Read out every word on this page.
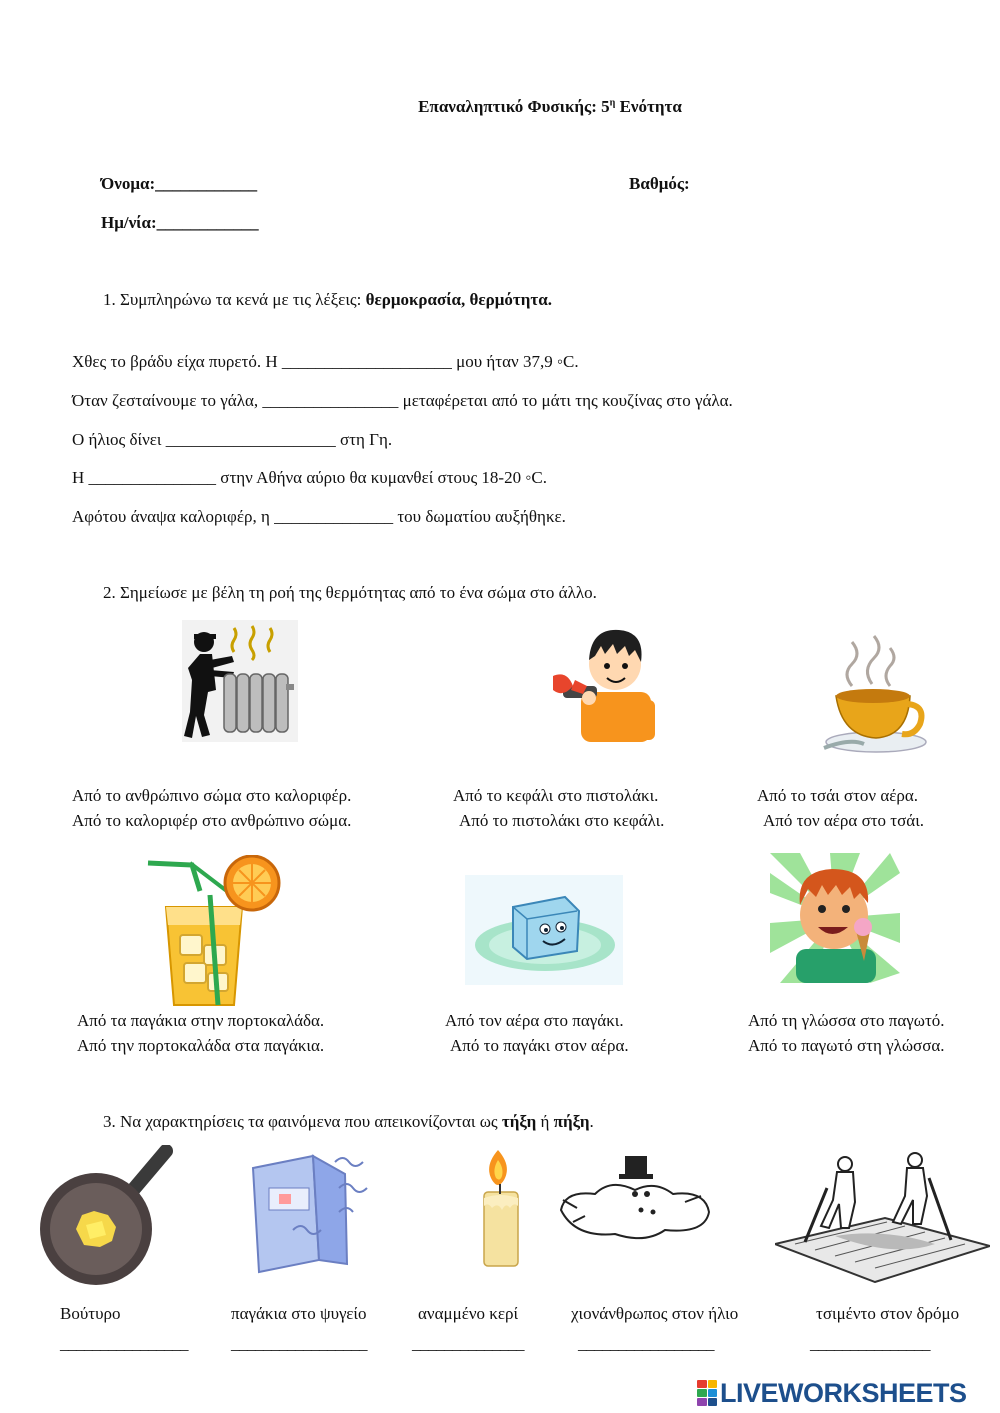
Επαναληπτικό Φυσικής: $5^\eta$ Ενότητα
Όνομα:____________
Ημ/νία:____________
Βαθμός:
1. Συμπληρώνω τα κενά με τις λέξεις: θερμοκρασία, θερμότητα.
Χθες το βράδυ είχα πυρετό. Η ____________________ μου ήταν 37,9 ◦C.
Όταν ζεσταίνουμε το γάλα, ________________ μεταφέρεται από το μάτι της κουζίνας στο γάλα.
Ο ήλιος δίνει ____________________ στη Γη.
Η _______________ στην Αθήνα αύριο θα κυμανθεί στους 18-20 ◦C.
Αφότου άναψα καλοριφέρ, η ______________ του δωματίου αυξήθηκε.
2. Σημείωσε με βέλη τη ροή της θερμότητας από το ένα σώμα στο άλλο.
Από το ανθρώπινο σώμα στο καλοριφέρ.
Από το καλοριφέρ στο ανθρώπινο σώμα.
Από το κεφάλι στο πιστολάκι.
Από το πιστολάκι στο κεφάλι.
Από το τσάι στον αέρα.
Από τον αέρα στο τσάι.
Από τα παγάκια στην πορτοκαλάδα.
Από την πορτοκαλάδα στα παγάκια.
Από τον αέρα στο παγάκι.
Από το παγάκι στον αέρα.
Από τη γλώσσα στο παγωτό.
Από το παγωτό στη γλώσσα.
3. Να χαρακτηρίσεις τα φαινόμενα που απεικονίζονται ως τήξη ή πήξη.
Βούτυρο	παγάκια στο ψυγείο	αναμμένο κερί	χιονάνθρωπος στον ήλιο	τσιμέντο στον δρόμο
________________	_________________	______________	_________________	_______________
LIVEWORKSHEETS
